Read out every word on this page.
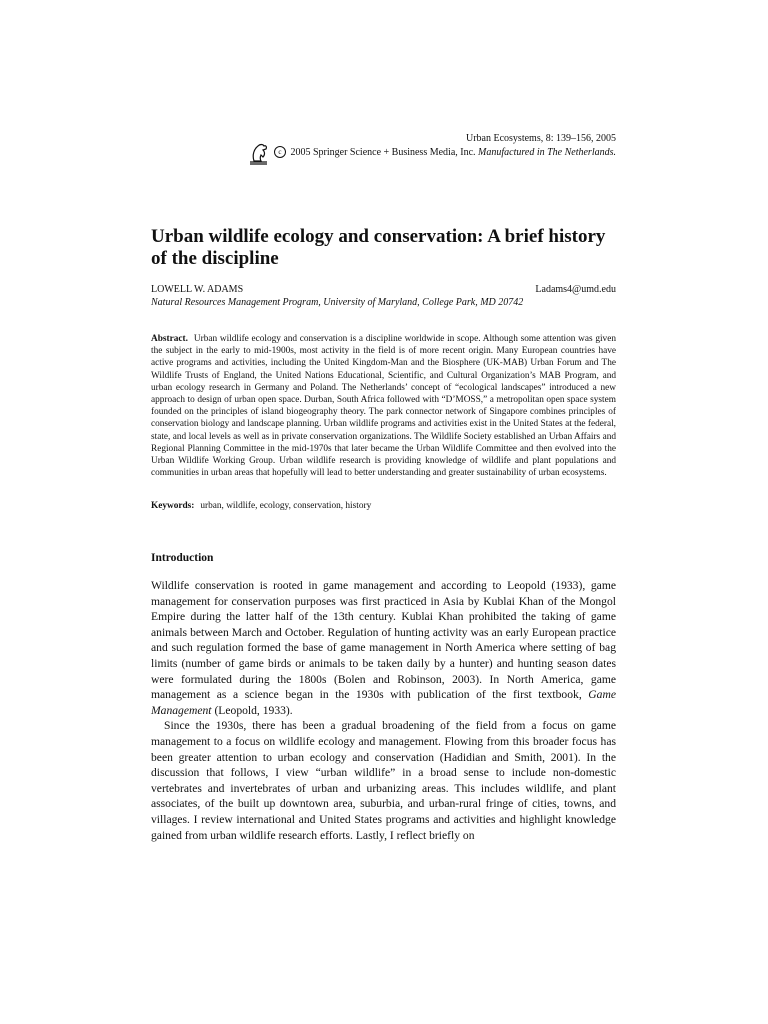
Urban Ecosystems, 8: 139–156, 2005
c 2005 Springer Science + Business Media, Inc. Manufactured in The Netherlands.
Urban wildlife ecology and conservation: A brief history of the discipline
LOWELL W. ADAMS	Ladams4@umd.edu
Natural Resources Management Program, University of Maryland, College Park, MD 20742

Abstract. Urban wildlife ecology and conservation is a discipline worldwide in scope. Although some attention was given the subject in the early to mid-1900s, most activity in the field is of more recent origin. Many European countries have active programs and activities, including the United Kingdom-Man and the Biosphere (UK-MAB) Urban Forum and The Wildlife Trusts of England, the United Nations Educational, Scientific, and Cultural Organization’s MAB Program, and urban ecology research in Germany and Poland. The Netherlands’ concept of “ecological landscapes” introduced a new approach to design of urban open space. Durban, South Africa followed with “D’MOSS,” a metropolitan open space system founded on the principles of island biogeography theory. The park connector network of Singapore combines principles of conservation biology and landscape planning. Urban wildlife programs and activities exist in the United States at the federal, state, and local levels as well as in private conservation organizations. The Wildlife Society established an Urban Affairs and Regional Planning Committee in the mid-1970s that later became the Urban Wildlife Committee and then evolved into the Urban Wildlife Working Group. Urban wildlife research is providing knowledge of wildlife and plant populations and communities in urban areas that hopefully will lead to better understanding and greater sustainability of urban ecosystems.

Keywords: urban, wildlife, ecology, conservation, history
Introduction

Wildlife conservation is rooted in game management and according to Leopold (1933), game management for conservation purposes was first practiced in Asia by Kublai Khan of the Mongol Empire during the latter half of the 13th century. Kublai Khan prohibited the taking of game animals between March and October. Regulation of hunting activity was an early European practice and such regulation formed the base of game management in North America where setting of bag limits (number of game birds or animals to be taken daily by a hunter) and hunting season dates were formulated during the 1800s (Bolen and Robinson, 2003). In North America, game management as a science began in the 1930s with publication of the first textbook, Game Management (Leopold, 1933).

Since the 1930s, there has been a gradual broadening of the field from a focus on game management to a focus on wildlife ecology and management. Flowing from this broader focus has been greater attention to urban ecology and conservation (Hadidian and Smith, 2001). In the discussion that follows, I view “urban wildlife” in a broad sense to include non-domestic vertebrates and invertebrates of urban and urbanizing areas. This includes wildlife, and plant associates, of the built up downtown area, suburbia, and urban-rural fringe of cities, towns, and villages. I review international and United States programs and activities and highlight knowledge gained from urban wildlife research efforts. Lastly, I reflect briefly on
